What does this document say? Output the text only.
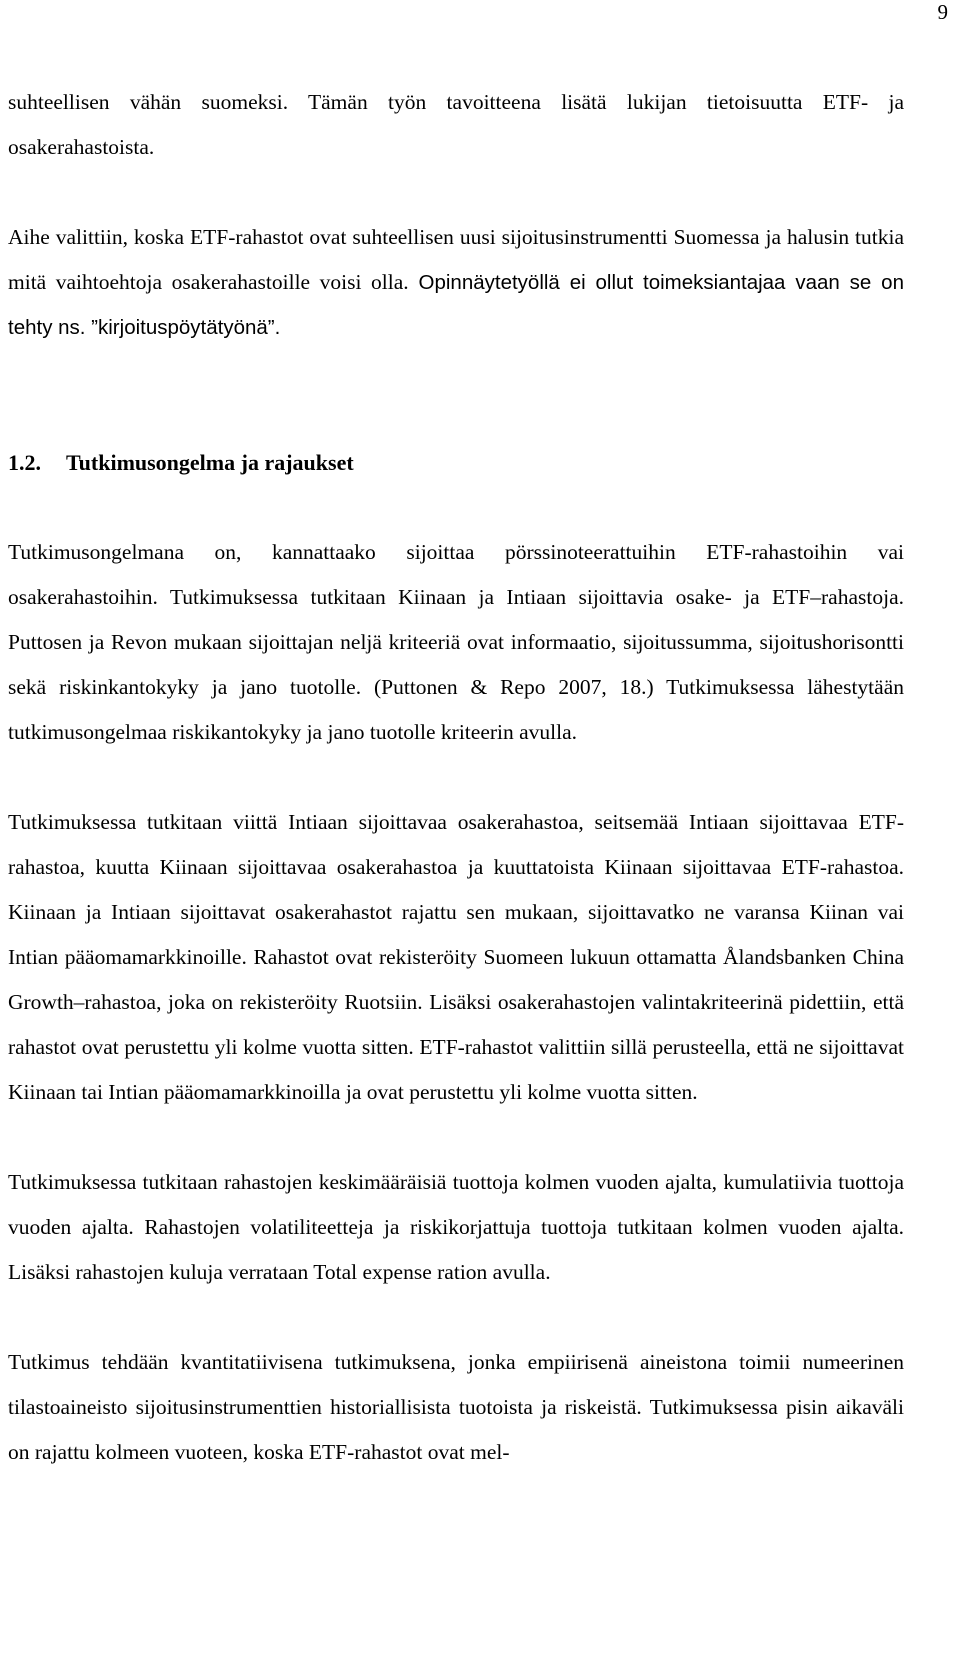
9

suhteellisen vähän suomeksi. Tämän työn tavoitteena lisätä lukijan tietoisuutta ETF- ja osakerahastoista.

Aihe valittiin, koska ETF-rahastot ovat suhteellisen uusi sijoitusinstrumentti Suomessa ja halusin tutkia mitä vaihtoehtoja osakerahastoille voisi olla. Opinnäytetyöllä ei ollut toimeksiantajaa vaan se on tehty ns. ”kirjoituspöytätyönä”.

1.2. Tutkimusongelma ja rajaukset

Tutkimusongelmana on, kannattaako sijoittaa pörssinoteerattuihin ETF-rahastoihin vai osakerahastoihin. Tutkimuksessa tutkitaan Kiinaan ja Intiaan sijoittavia osake- ja ETF–rahastoja. Puttosen ja Revon mukaan sijoittajan neljä kriteeriä ovat informaatio, sijoitussumma, sijoitushorisontti sekä riskinkantokyky ja jano tuotolle. (Puttonen & Repo 2007, 18.) Tutkimuksessa lähestytään tutkimusongelmaa riskikantokyky ja jano tuotolle kriteerin avulla.

Tutkimuksessa tutkitaan viittä Intiaan sijoittavaa osakerahastoa, seitsemää Intiaan sijoittavaa ETF-rahastoa, kuutta Kiinaan sijoittavaa osakerahastoa ja kuuttatoista Kiinaan sijoittavaa ETF-rahastoa. Kiinaan ja Intiaan sijoittavat osakerahastot rajattu sen mukaan, sijoittavatko ne varansa Kiinan vai Intian pääomamarkkinoille. Rahastot ovat rekisteröity Suomeen lukuun ottamatta Ålandsbanken China Growth–rahastoa, joka on rekisteröity Ruotsiin. Lisäksi osakerahastojen valintakriteerinä pidettiin, että rahastot ovat perustettu yli kolme vuotta sitten. ETF-rahastot valittiin sillä perusteella, että ne sijoittavat Kiinaan tai Intian pääomamarkkinoilla ja ovat perustettu yli kolme vuotta sitten.

Tutkimuksessa tutkitaan rahastojen keskimääräisiä tuottoja kolmen vuoden ajalta, kumulatiivia tuottoja vuoden ajalta. Rahastojen volatiliteetteja ja riskikorjattuja tuottoja tutkitaan kolmen vuoden ajalta. Lisäksi rahastojen kuluja verrataan Total expense ration avulla.

Tutkimus tehdään kvantitatiivisena tutkimuksena, jonka empiirisenä aineistona toimii numeerinen tilastoaineisto sijoitusinstrumenttien historiallisista tuotoista ja riskeistä. Tutkimuksessa pisin aikaväli on rajattu kolmeen vuoteen, koska ETF-rahastot ovat mel-
